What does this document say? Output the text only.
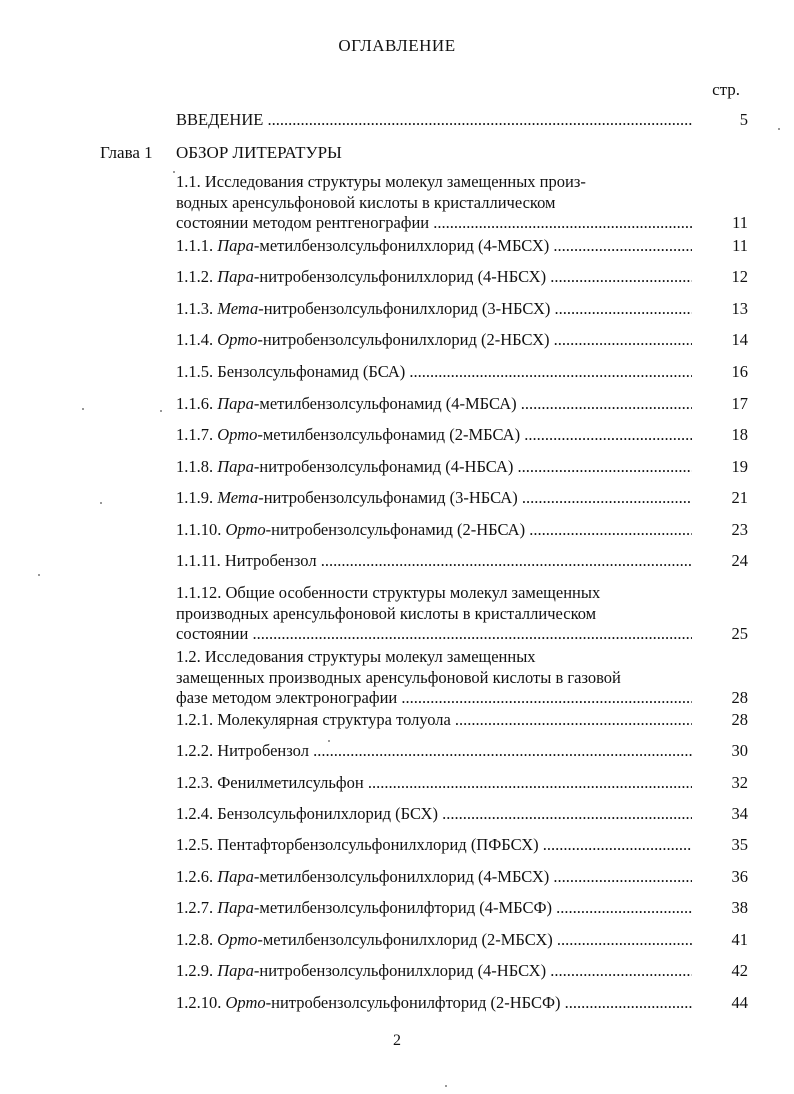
ОГЛАВЛЕНИЕ
стр.
ВВЕДЕНИЕ .....	5
Глава 1 ОБЗОР ЛИТЕРАТУРЫ
1.1. Исследования структуры молекул замещенных произ-
водных аренсульфоновой кислоты в кристаллическом
состоянии методом рентгенографии .....	11
1.1.1. Пара-метилбензолсульфонилхлорид (4-МБСХ) .....	11
1.1.2. Пара-нитробензолсульфонилхлорид (4-НБСХ) .....	12
1.1.3. Мета-нитробензолсульфонилхлорид (3-НБСХ) .....	13
1.1.4. Орто-нитробензолсульфонилхлорид (2-НБСХ) .....	14
1.1.5. Бензолсульфонамид (БСА) .....	16
1.1.6. Пара-метилбензолсульфонамид (4-МБСА) .....	17
1.1.7. Орто-метилбензолсульфонамид (2-МБСА) .....	18
1.1.8. Пара-нитробензолсульфонамид (4-НБСА) .....	19
1.1.9. Мета-нитробензолсульфонамид (3-НБСА) .....	21
1.1.10. Орто-нитробензолсульфонамид (2-НБСА) .....	23
1.1.11. Нитробензол .....	24
1.1.12. Общие особенности структуры молекул замещенных
производных аренсульфоновой кислоты в кристаллическом
состоянии .....	25
1.2. Исследования структуры молекул замещенных
замещенных производных аренсульфоновой кислоты в газовой
фазе методом электронографии .....	28
1.2.1. Молекулярная структура толуола .....	28
1.2.2. Нитробензол .....	30
1.2.3. Фенилметилсульфон .....	32
1.2.4. Бензолсульфонилхлорид (БСХ) .....	34
1.2.5. Пентафторбензолсульфонилхлорид (ПФБСХ) .....	35
1.2.6. Пара-метилбензолсульфонилхлорид (4-МБСХ) .....	36
1.2.7. Пара-метилбензолсульфонилфторид (4-МБСФ) .....	38
1.2.8. Орто-метилбензолсульфонилхлорид (2-МБСХ) .....	41
1.2.9. Пара-нитробензолсульфонилхлорид (4-НБСХ) .....	42
1.2.10. Орто-нитробензолсульфонилфторид (2-НБСФ) .....	44
2
